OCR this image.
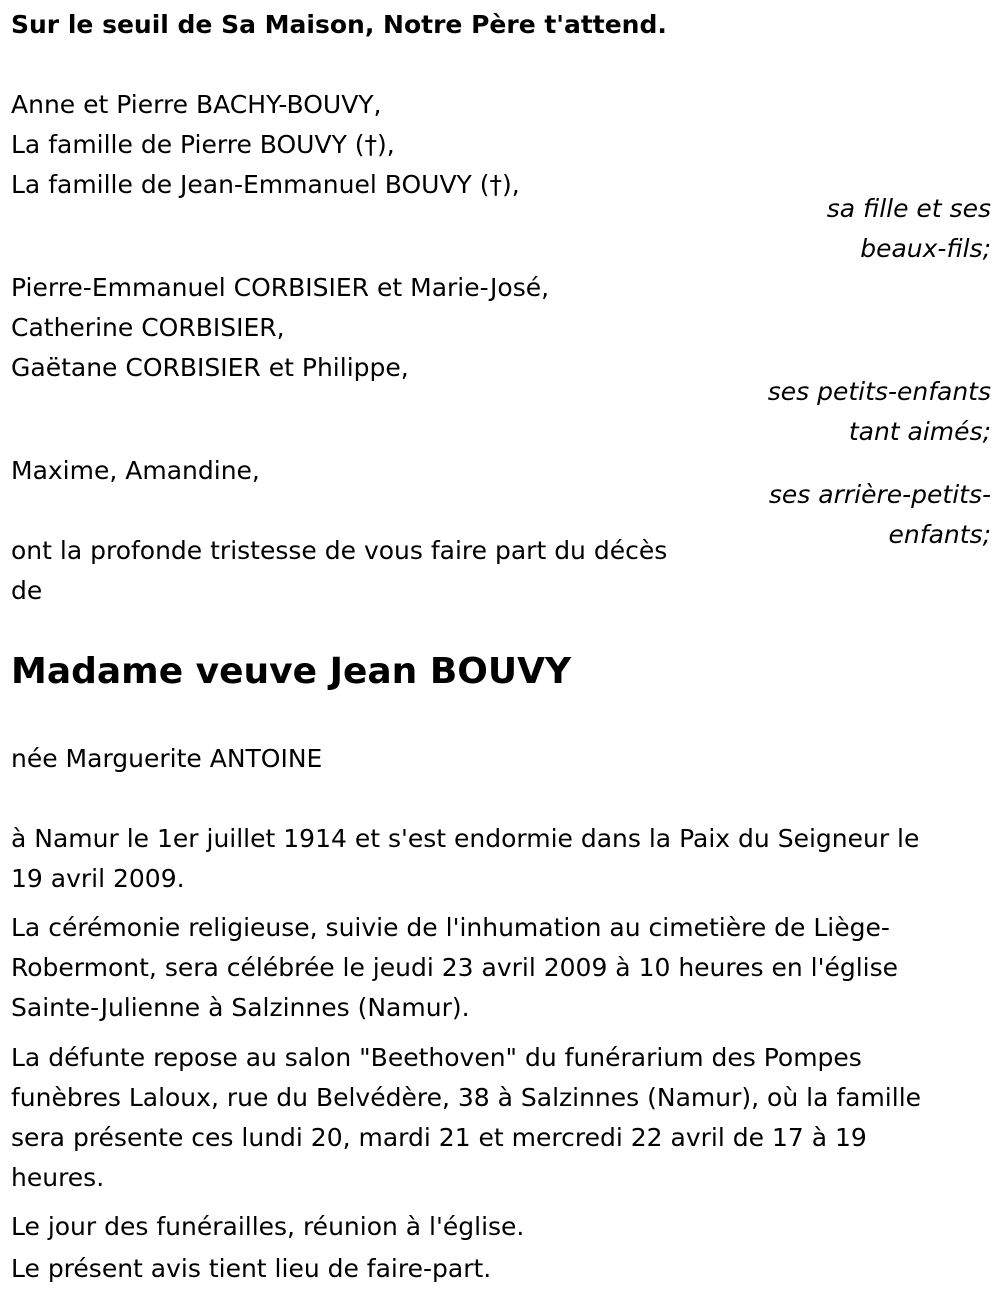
Sur le seuil de Sa Maison, Notre Père t'attend.
Anne et Pierre BACHY-BOUVY,
La famille de Pierre BOUVY (†),
La famille de Jean-Emmanuel BOUVY (†),
sa fille et ses
beaux-fils;
Pierre-Emmanuel CORBISIER et Marie-José,
Catherine CORBISIER,
Gaëtane CORBISIER et Philippe,
ses petits-enfants
tant aimés;
Maxime, Amandine,
ses arrière-petits-
enfants;
ont la profonde tristesse de vous faire part du décès
de
Madame veuve Jean BOUVY
née Marguerite ANTOINE
à Namur le 1er juillet 1914 et s'est endormie dans la Paix du Seigneur le
19 avril 2009.
La cérémonie religieuse, suivie de l'inhumation au cimetière de Liège-
Robermont, sera célébrée le jeudi 23 avril 2009 à 10 heures en l'église
Sainte-Julienne à Salzinnes (Namur).
La défunte repose au salon "Beethoven" du funérarium des Pompes
funèbres Laloux, rue du Belvédère, 38 à Salzinnes (Namur), où la famille
sera présente ces lundi 20, mardi 21 et mercredi 22 avril de 17 à 19
heures.
Le jour des funérailles, réunion à l'église.
Le présent avis tient lieu de faire-part.
